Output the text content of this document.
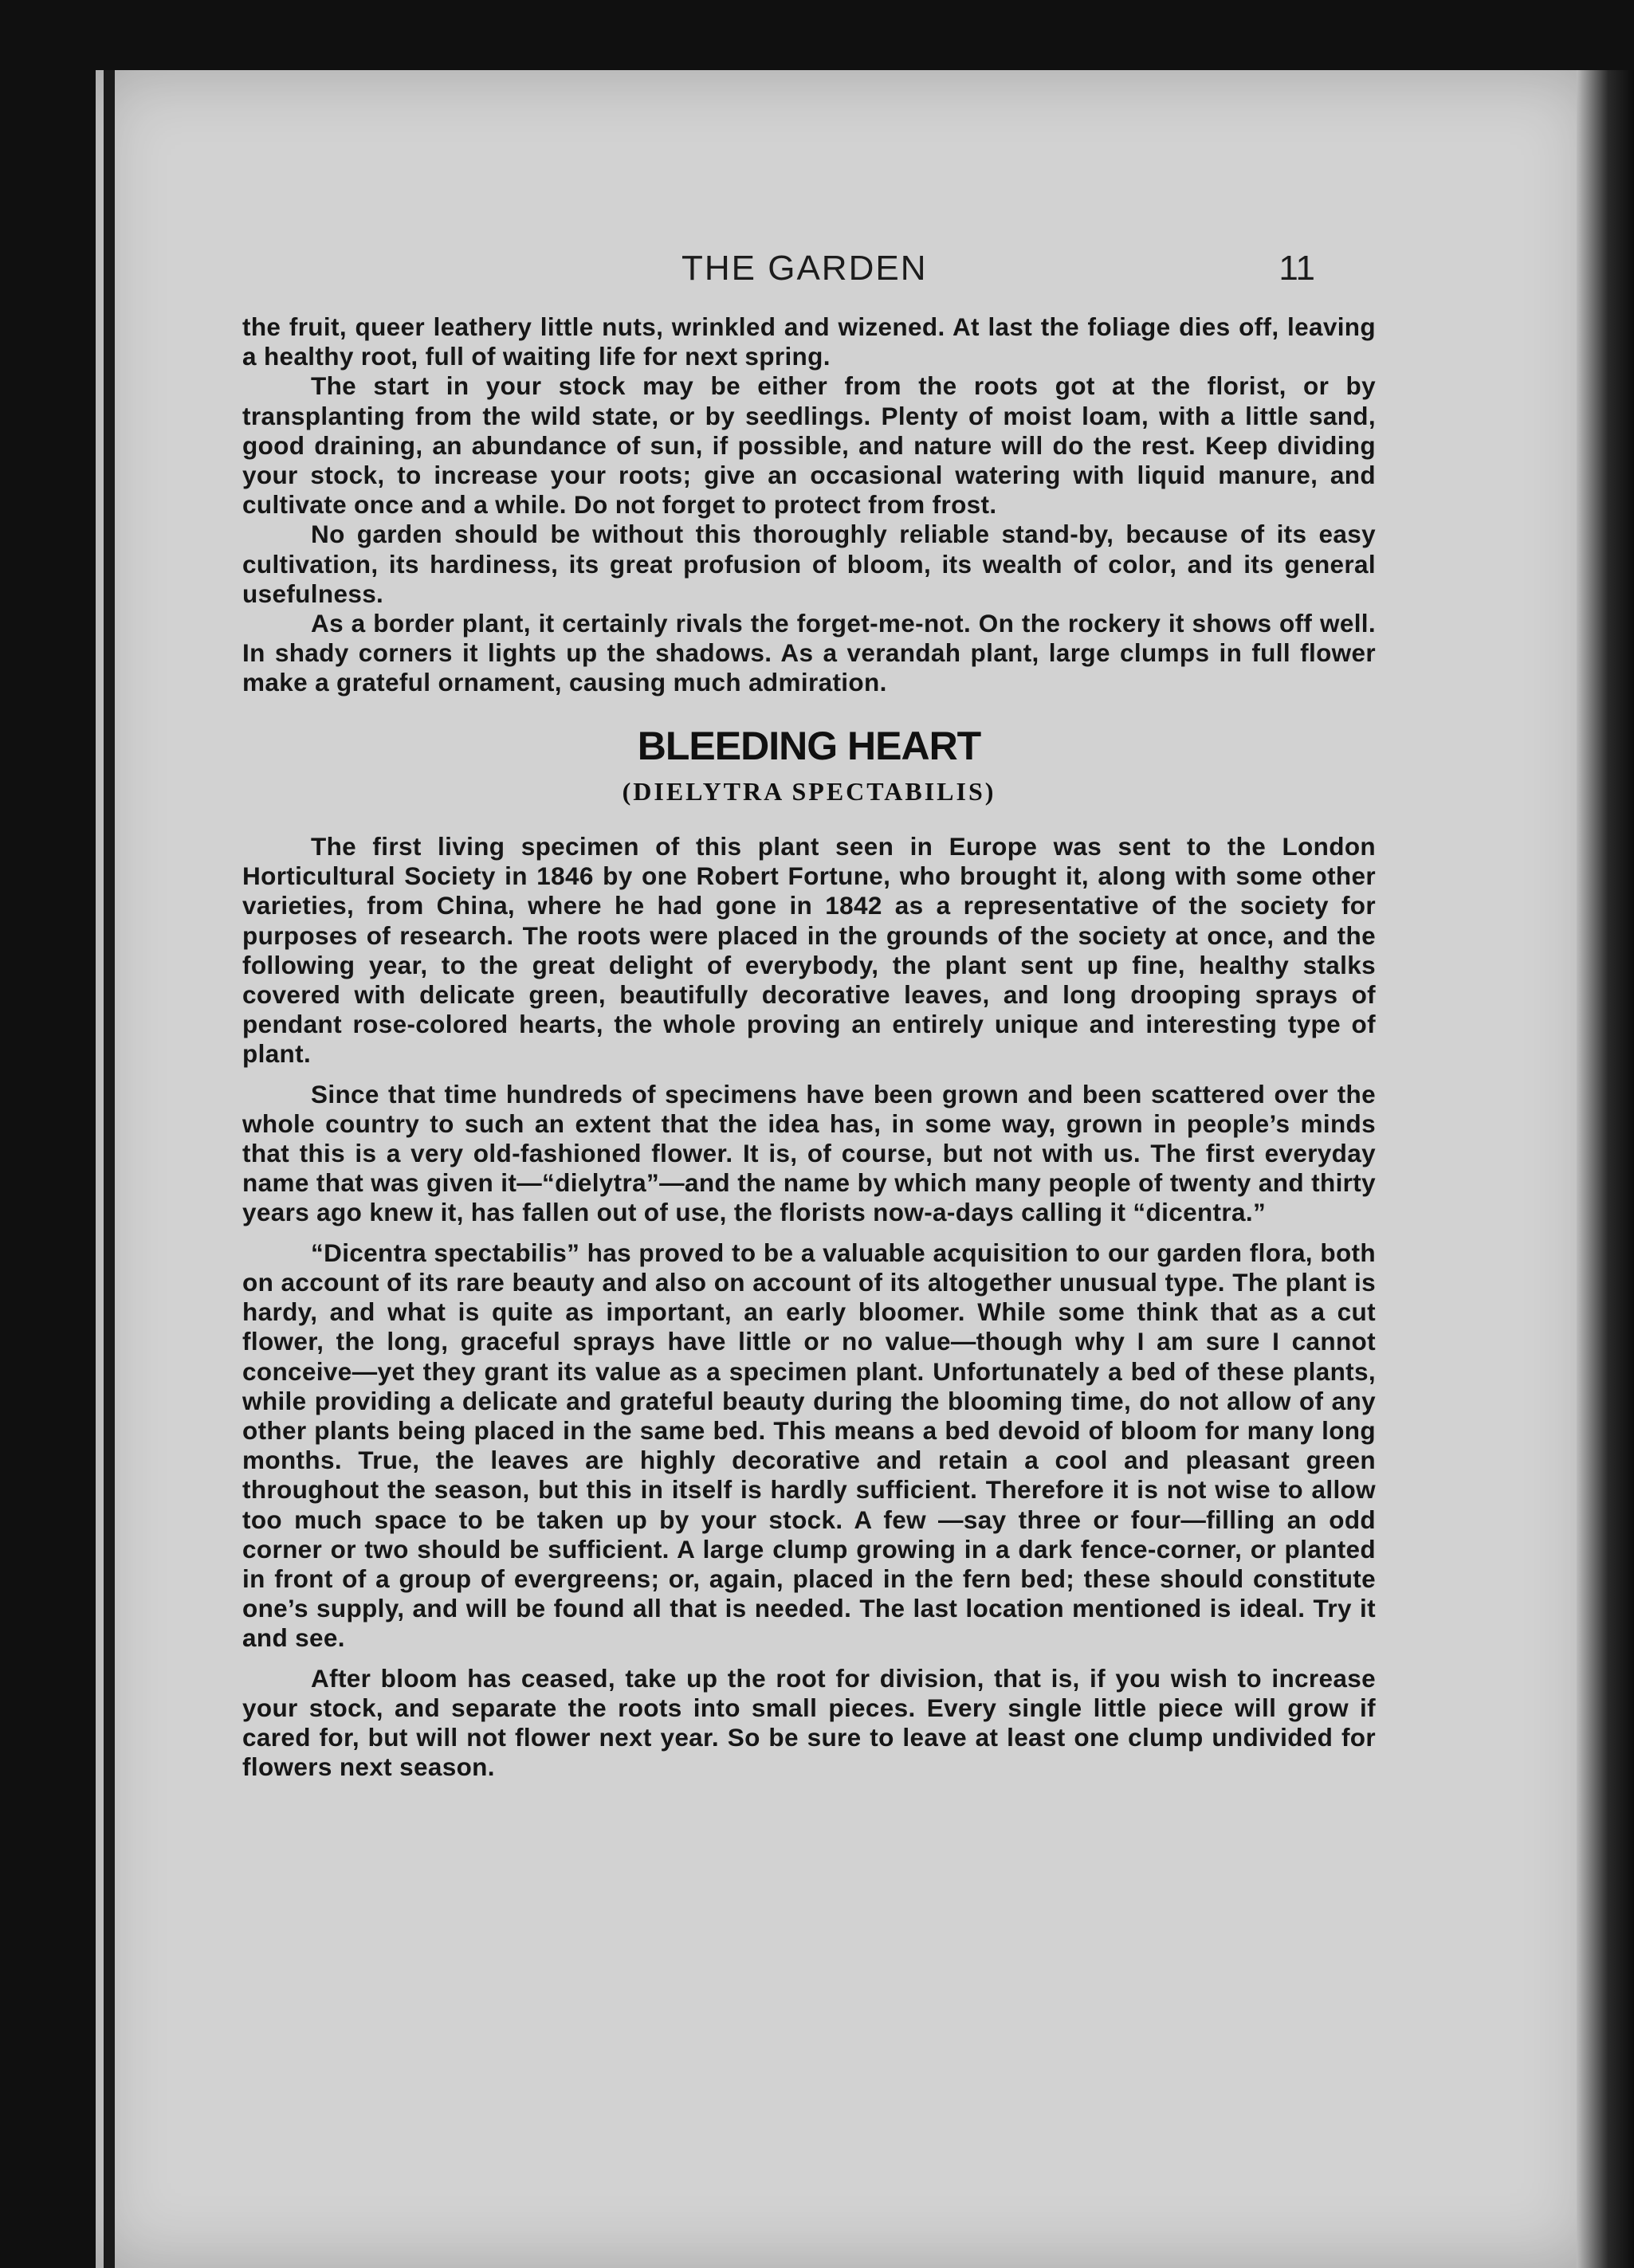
THE GARDEN	11

the fruit, queer leathery little nuts, wrinkled and wizened. At last the foliage dies off, leaving a healthy root, full of waiting life for next spring.

The start in your stock may be either from the roots got at the florist, or by transplanting from the wild state, or by seedlings. Plenty of moist loam, with a little sand, good draining, an abundance of sun, if possible, and nature will do the rest. Keep dividing your stock, to increase your roots; give an occasional watering with liquid manure, and cultivate once and a while. Do not forget to protect from frost.

No garden should be without this thoroughly reliable stand-by, because of its easy cultivation, its hardiness, its great profusion of bloom, its wealth of color, and its general usefulness.

As a border plant, it certainly rivals the forget-me-not. On the rockery it shows off well. In shady corners it lights up the shadows. As a verandah plant, large clumps in full flower make a grateful ornament, causing much admiration.

BLEEDING HEART
(DIELYTRA SPECTABILIS)

The first living specimen of this plant seen in Europe was sent to the London Horticultural Society in 1846 by one Robert Fortune, who brought it, along with some other varieties, from China, where he had gone in 1842 as a representative of the society for purposes of research. The roots were placed in the grounds of the society at once, and the following year, to the great delight of everybody, the plant sent up fine, healthy stalks covered with delicate green, beautifully decorative leaves, and long drooping sprays of pendant rose-colored hearts, the whole proving an entirely unique and interesting type of plant.

Since that time hundreds of specimens have been grown and been scattered over the whole country to such an extent that the idea has, in some way, grown in people’s minds that this is a very old-fashioned flower. It is, of course, but not with us. The first everyday name that was given it—“dielytra”—and the name by which many people of twenty and thirty years ago knew it, has fallen out of use, the florists now-a-days calling it “dicentra.”

“Dicentra spectabilis” has proved to be a valuable acquisition to our garden flora, both on account of its rare beauty and also on account of its altogether unusual type. The plant is hardy, and what is quite as important, an early bloomer. While some think that as a cut flower, the long, graceful sprays have little or no value—though why I am sure I cannot conceive—yet they grant its value as a specimen plant. Unfortunately a bed of these plants, while providing a delicate and grateful beauty during the blooming time, do not allow of any other plants being placed in the same bed. This means a bed devoid of bloom for many long months. True, the leaves are highly decorative and retain a cool and pleasant green throughout the season, but this in itself is hardly sufficient. Therefore it is not wise to allow too much space to be taken up by your stock. A few —say three or four—filling an odd corner or two should be sufficient. A large clump growing in a dark fence-corner, or planted in front of a group of evergreens; or, again, placed in the fern bed; these should constitute one’s supply, and will be found all that is needed. The last location mentioned is ideal. Try it and see.

After bloom has ceased, take up the root for division, that is, if you wish to increase your stock, and separate the roots into small pieces. Every single little piece will grow if cared for, but will not flower next year. So be sure to leave at least one clump undivided for flowers next season.
